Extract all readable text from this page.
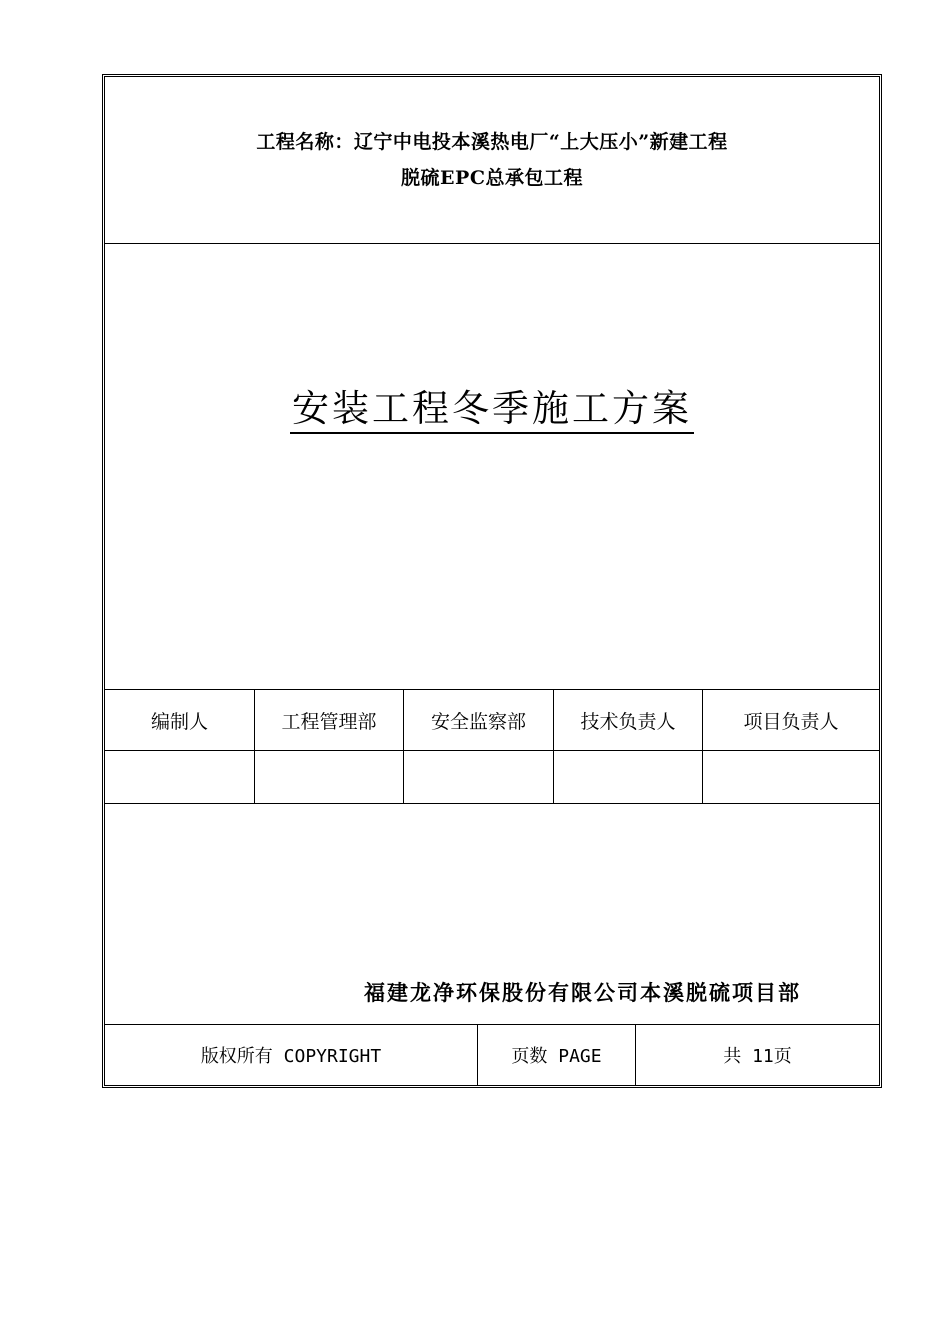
工程名称：辽宁中电投本溪热电厂“上大压小”新建工程
脱硫EPC总承包工程
安装工程冬季施工方案
编制人	工程管理部	安全监察部	技术负责人	项目负责人
福建龙净环保股份有限公司本溪脱硫项目部
版权所有 COPYRIGHT	页数 PAGE	共 11页
